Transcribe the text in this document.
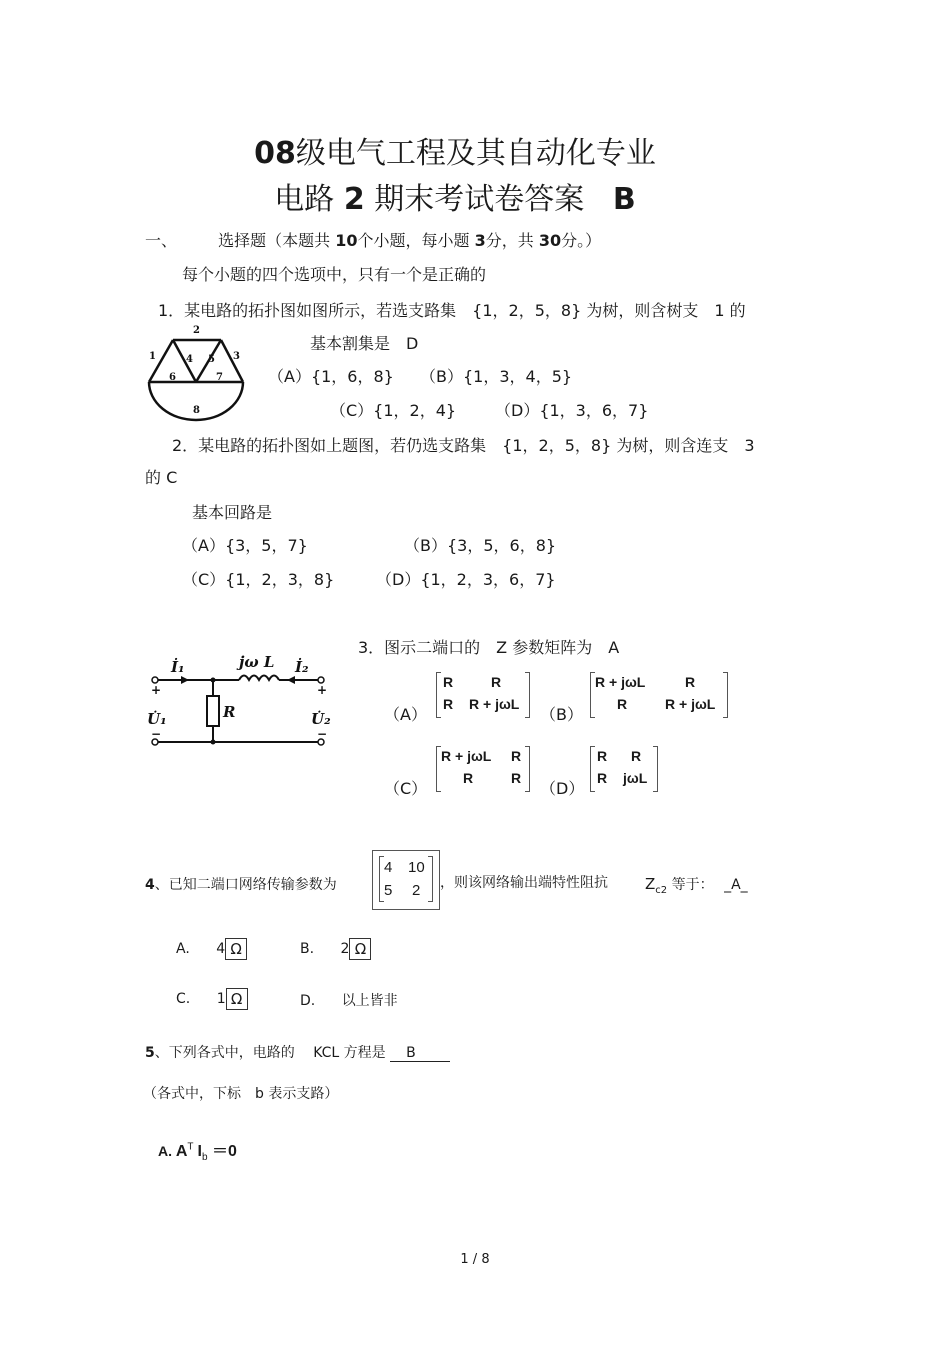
08级电气工程及其自动化专业
电路 2 期末考试卷答案 B
一、	选择题（本题共 10个小题，每小题 3分，共 30分。）
每个小题的四个选项中，只有一个是正确的
1．某电路的拓扑图如图所示，若选支路集　{1，2，5，8} 为树，则含树支　1 的
基本割集是　D
（A）{1，6，8} （B）{1，3，4，5}
（C）{1，2，4} （D）{1，3，6，7}
2
1	3
4 5
6	7
8
2．某电路的拓扑图如上题图，若仍选支路集　{1，2，5，8} 为树，则含连支　3
的 C
基本回路是
（A）{3，5，7}	（B）{3，5，6，8}
（C）{1，2，3，8}	（D）{1，2，3，6，7}
3．图示二端口的　Z 参数矩阵为　A
İ₁	İ₂
jω L
R
U̇₁	U̇₂
+	+
−	−
（A）
R	R
R R + jωL
（B）
R + jωL	R
R	R + jωL
（C）
R + jωL R
R	R
（D）
R R
R jωL
4、已知二端口网络传输参数为
4 10
5 2 ，则该网络输出端特性阻抗 $Z_{c2}$ 等于： _A_
A. 4 Ω	B. 2 Ω
C. 1 Ω	D. 以上皆非
5、下列各式中，电路的 KCL 方程是 B
（各式中，下标　b 表示支路）
A. $A^T$ $I_b =0$
1 / 8
